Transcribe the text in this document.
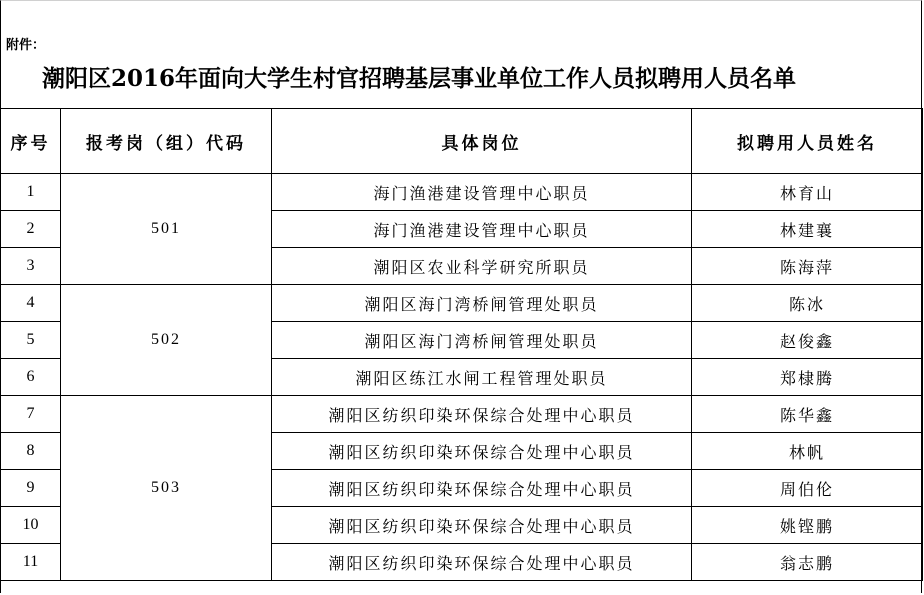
附件：
潮阳区2016年面向大学生村官招聘基层事业单位工作人员拟聘用人员名单
序号	报考岗（组）代码	具体岗位	拟聘用人员姓名
1	501	海门渔港建设管理中心职员	林育山
2		海门渔港建设管理中心职员	林建襄
3		潮阳区农业科学研究所职员	陈海萍
4	502	潮阳区海门湾桥闸管理处职员	陈冰
5		潮阳区海门湾桥闸管理处职员	赵俊鑫
6		潮阳区练江水闸工程管理处职员	郑棣腾
7	503	潮阳区纺织印染环保综合处理中心职员	陈华鑫
8		潮阳区纺织印染环保综合处理中心职员	林帆
9		潮阳区纺织印染环保综合处理中心职员	周伯伦
10		潮阳区纺织印染环保综合处理中心职员	姚铿鹏
11		潮阳区纺织印染环保综合处理中心职员	翁志鹏
